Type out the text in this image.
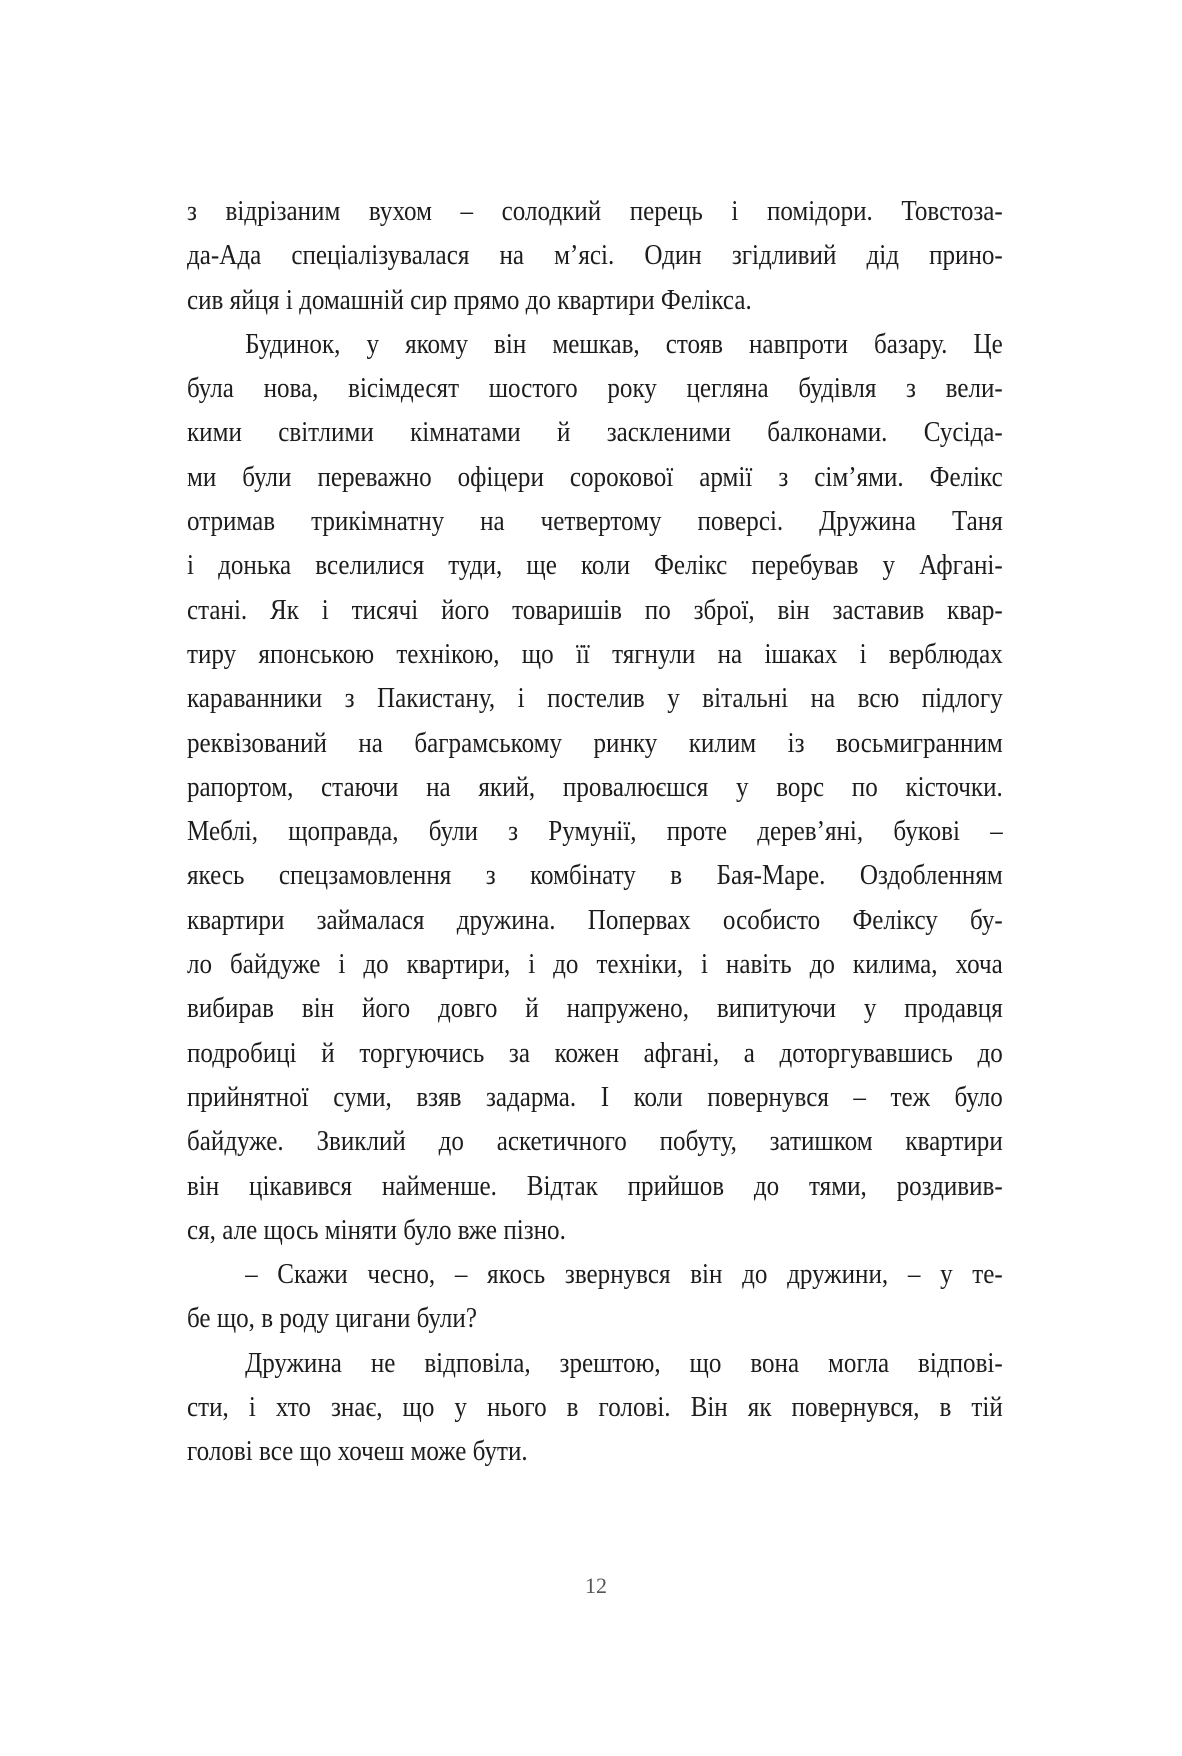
з відрізаним вухом – солодкий перець і помідори. Товстоза-
да-Ада спеціалізувалася на м’ясі. Один згідливий дід прино-
сив яйця і домашній сир прямо до квартири Фелікса.
Будинок, у якому він мешкав, стояв навпроти базару. Це
була нова, вісімдесят шостого року цегляна будівля з вели-
кими світлими кімнатами й заскленими балконами. Сусіда-
ми були переважно офіцери сорокової армії з сім’ями. Фелікс
отримав трикімнатну на четвертому поверсі. Дружина Таня
і донька вселилися туди, ще коли Фелікс перебував у Афгані-
стані. Як і тисячі його товаришів по зброї, він заставив квар-
тиру японською технікою, що її тягнули на ішаках і верблюдах
караванники з Пакистану, і постелив у вітальні на всю підлогу
реквізований на баграмському ринку килим із восьмигранним
рапортом, стаючи на який, провалюєшся у ворс по кісточки.
Меблі, щоправда, були з Румунії, проте дерев’яні, букові –
якесь спецзамовлення з комбінату в Бая-Маре. Оздобленням
квартири займалася дружина. Попервах особисто Феліксу бу-
ло байдуже і до квартири, і до техніки, і навіть до килима, хоча
вибирав він його довго й напружено, випитуючи у продавця
подробиці й торгуючись за кожен афгані, а доторгувавшись до
прийнятної суми, взяв задарма. І коли повернувся – теж було
байдуже. Звиклий до аскетичного побуту, затишком квартири
він цікавився найменше. Відтак прийшов до тями, роздивив-
ся, але щось міняти було вже пізно.
– Скажи чесно, – якось звернувся він до дружини, – у те-
бе що, в роду цигани були?
Дружина не відповіла, зрештою, що вона могла відпові-
сти, і хто знає, що у нього в голові. Він як повернувся, в тій
голові все що хочеш може бути.
12
